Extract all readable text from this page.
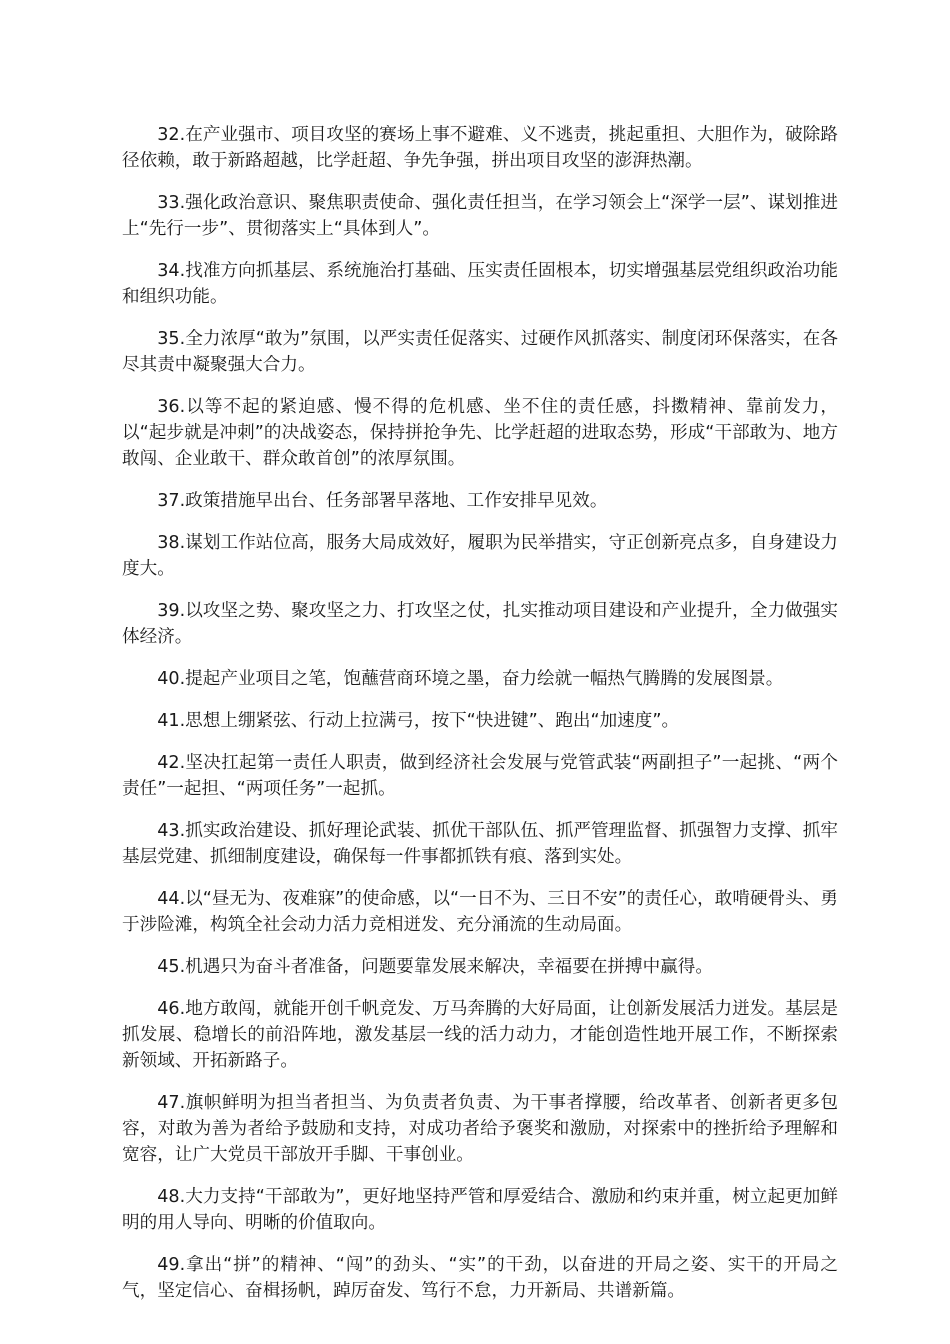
32.在产业强市、项目攻坚的赛场上事不避难、义不逃责，挑起重担、大胆作为，破除路径依赖，敢于新路超越，比学赶超、争先争强，拼出项目攻坚的澎湃热潮。

33.强化政治意识、聚焦职责使命、强化责任担当，在学习领会上“深学一层”、谋划推进上“先行一步”、贯彻落实上“具体到人”。

34.找准方向抓基层、系统施治打基础、压实责任固根本，切实增强基层党组织政治功能和组织功能。

35.全力浓厚“敢为”氛围，以严实责任促落实、过硬作风抓落实、制度闭环保落实，在各尽其责中凝聚强大合力。

36.以等不起的紧迫感、慢不得的危机感、坐不住的责任感，抖擞精神、靠前发力，以“起步就是冲刺”的决战姿态，保持拼抢争先、比学赶超的进取态势，形成“干部敢为、地方敢闯、企业敢干、群众敢首创”的浓厚氛围。

37.政策措施早出台、任务部署早落地、工作安排早见效。

38.谋划工作站位高，服务大局成效好，履职为民举措实，守正创新亮点多，自身建设力度大。

39.以攻坚之势、聚攻坚之力、打攻坚之仗，扎实推动项目建设和产业提升，全力做强实体经济。

40.提起产业项目之笔，饱蘸营商环境之墨，奋力绘就一幅热气腾腾的发展图景。

41.思想上绷紧弦、行动上拉满弓，按下“快进键”、跑出“加速度”。

42.坚决扛起第一责任人职责，做到经济社会发展与党管武装“两副担子”一起挑、“两个责任”一起担、“两项任务”一起抓。

43.抓实政治建设、抓好理论武装、抓优干部队伍、抓严管理监督、抓强智力支撑、抓牢基层党建、抓细制度建设，确保每一件事都抓铁有痕、落到实处。

44.以“昼无为、夜难寐”的使命感，以“一日不为、三日不安”的责任心，敢啃硬骨头、勇于涉险滩，构筑全社会动力活力竞相迸发、充分涌流的生动局面。

45.机遇只为奋斗者准备，问题要靠发展来解决，幸福要在拼搏中赢得。

46.地方敢闯，就能开创千帆竞发、万马奔腾的大好局面，让创新发展活力迸发。基层是抓发展、稳增长的前沿阵地，激发基层一线的活力动力，才能创造性地开展工作，不断探索新领域、开拓新路子。

47.旗帜鲜明为担当者担当、为负责者负责、为干事者撑腰，给改革者、创新者更多包容，对敢为善为者给予鼓励和支持，对成功者给予褒奖和激励，对探索中的挫折给予理解和宽容，让广大党员干部放开手脚、干事创业。

48.大力支持“干部敢为”，更好地坚持严管和厚爱结合、激励和约束并重，树立起更加鲜明的用人导向、明晰的价值取向。

49.拿出“拼”的精神、“闯”的劲头、“实”的干劲，以奋进的开局之姿、实干的开局之气，坚定信心、奋楫扬帆，踔厉奋发、笃行不怠，力开新局、共谱新篇。
